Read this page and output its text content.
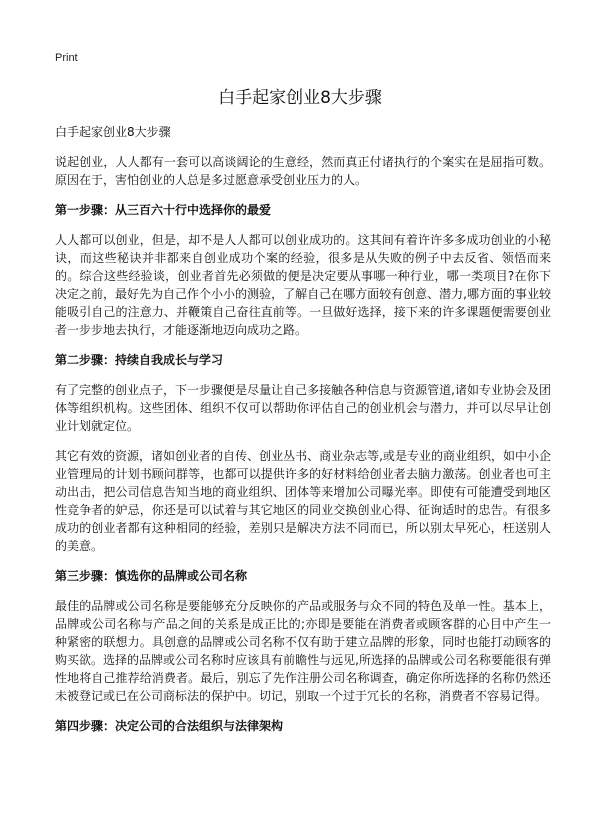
Print
白手起家创业8大步骤
白手起家创业8大步骤

说起创业，人人都有一套可以高谈阔论的生意经，然而真正付诸执行的个案实在是屈指可数。原因在于，害怕创业的人总是多过愿意承受创业压力的人。

第一步骤：从三百六十行中选择你的最爱

人人都可以创业，但是，却不是人人都可以创业成功的。这其间有着许许多多成功创业的小秘诀，而这些秘诀并非都来自创业成功个案的经验，很多是从失败的例子中去反省、领悟而来的。综合这些经验谈，创业者首先必须做的便是决定要从事哪一种行业，哪一类项目?在你下决定之前，最好先为自己作个小小的测验，了解自己在哪方面较有创意、潜力,哪方面的事业较能吸引自己的注意力、并鞭策自己奋往直前等。一旦做好选择，接下来的许多课题便需要创业者一步步地去执行，才能逐渐地迈向成功之路。

第二步骤：持续自我成长与学习

有了完整的创业点子，下一步骤便是尽量让自己多接触各种信息与资源管道,诸如专业协会及团体等组织机构。这些团体、组织不仅可以帮助你评估自己的创业机会与潜力，并可以尽早让创业计划就定位。

其它有效的资源，诸如创业者的自传、创业丛书、商业杂志等,或是专业的商业组织，如中小企业管理局的计划书顾问群等，也都可以提供许多的好材料给创业者去脑力激荡。创业者也可主动出击，把公司信息告知当地的商业组织、团体等来增加公司曝光率。即使有可能遭受到地区性竞争者的妒忌，你还是可以试着与其它地区的同业交换创业心得、征询适时的忠告。有很多成功的创业者都有这种相同的经验，差别只是解决方法不同而已，所以别太早死心，枉送别人的美意。

第三步骤：慎选你的品牌或公司名称

最佳的品牌或公司名称是要能够充分反映你的产品或服务与众不同的特色及单一性。基本上，品牌或公司名称与产品之间的关系是成正比的;亦即是要能在消费者或顾客群的心目中产生一种紧密的联想力。具创意的品牌或公司名称不仅有助于建立品牌的形象，同时也能打动顾客的购买欲。选择的品牌或公司名称时应该具有前瞻性与远见,所选择的品牌或公司名称要能很有弹性地将自己推荐给消费者。最后，别忘了先作注册公司名称调查，确定你所选择的名称仍然还未被登记或已在公司商标法的保护中。切记，别取一个过于冗长的名称，消费者不容易记得。

第四步骤：决定公司的合法组织与法律架构
